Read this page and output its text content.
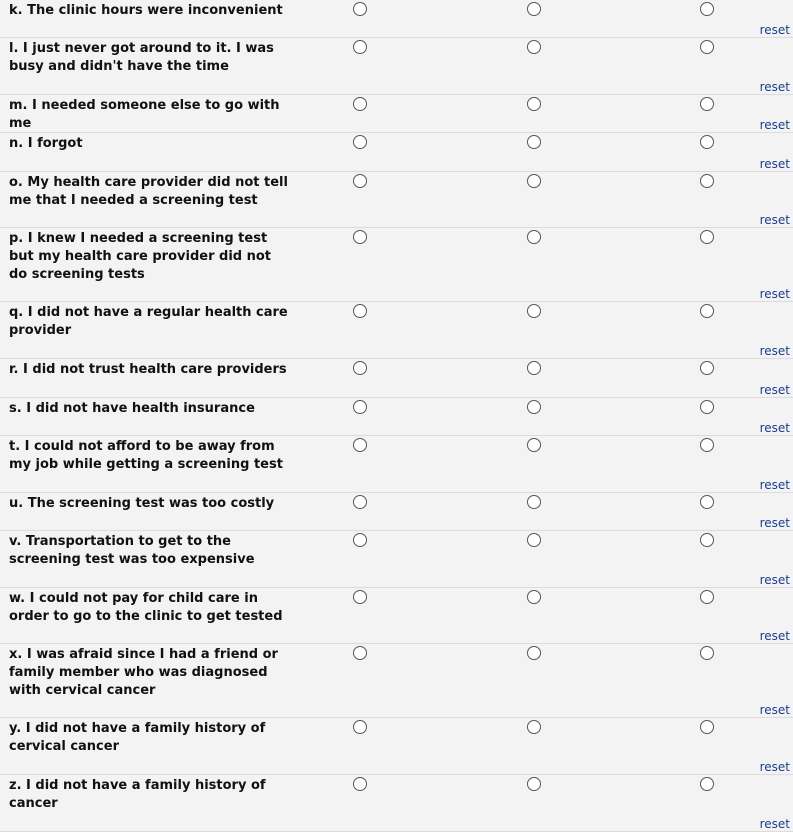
k. The clinic hours were inconvenient
reset
l. I just never got around to it. I was busy and didn't have the time
reset
m. I needed someone else to go with me	reset
n. I forgot
reset
o. My health care provider did not tell me that I needed a screening test
reset
p. I knew I needed a screening test but my health care provider did not do screening tests
reset
q. I did not have a regular health care provider
reset
r. I did not trust health care providers
reset
s. I did not have health insurance
reset
t. I could not afford to be away from my job while getting a screening test
reset
u. The screening test was too costly
reset
v. Transportation to get to the screening test was too expensive
reset
w. I could not pay for child care in order to go to the clinic to get tested
reset
x. I was afraid since I had a friend or family member who was diagnosed with cervical cancer
reset
y. I did not have a family history of cervical cancer
reset
z. I did not have a family history of cancer
reset
